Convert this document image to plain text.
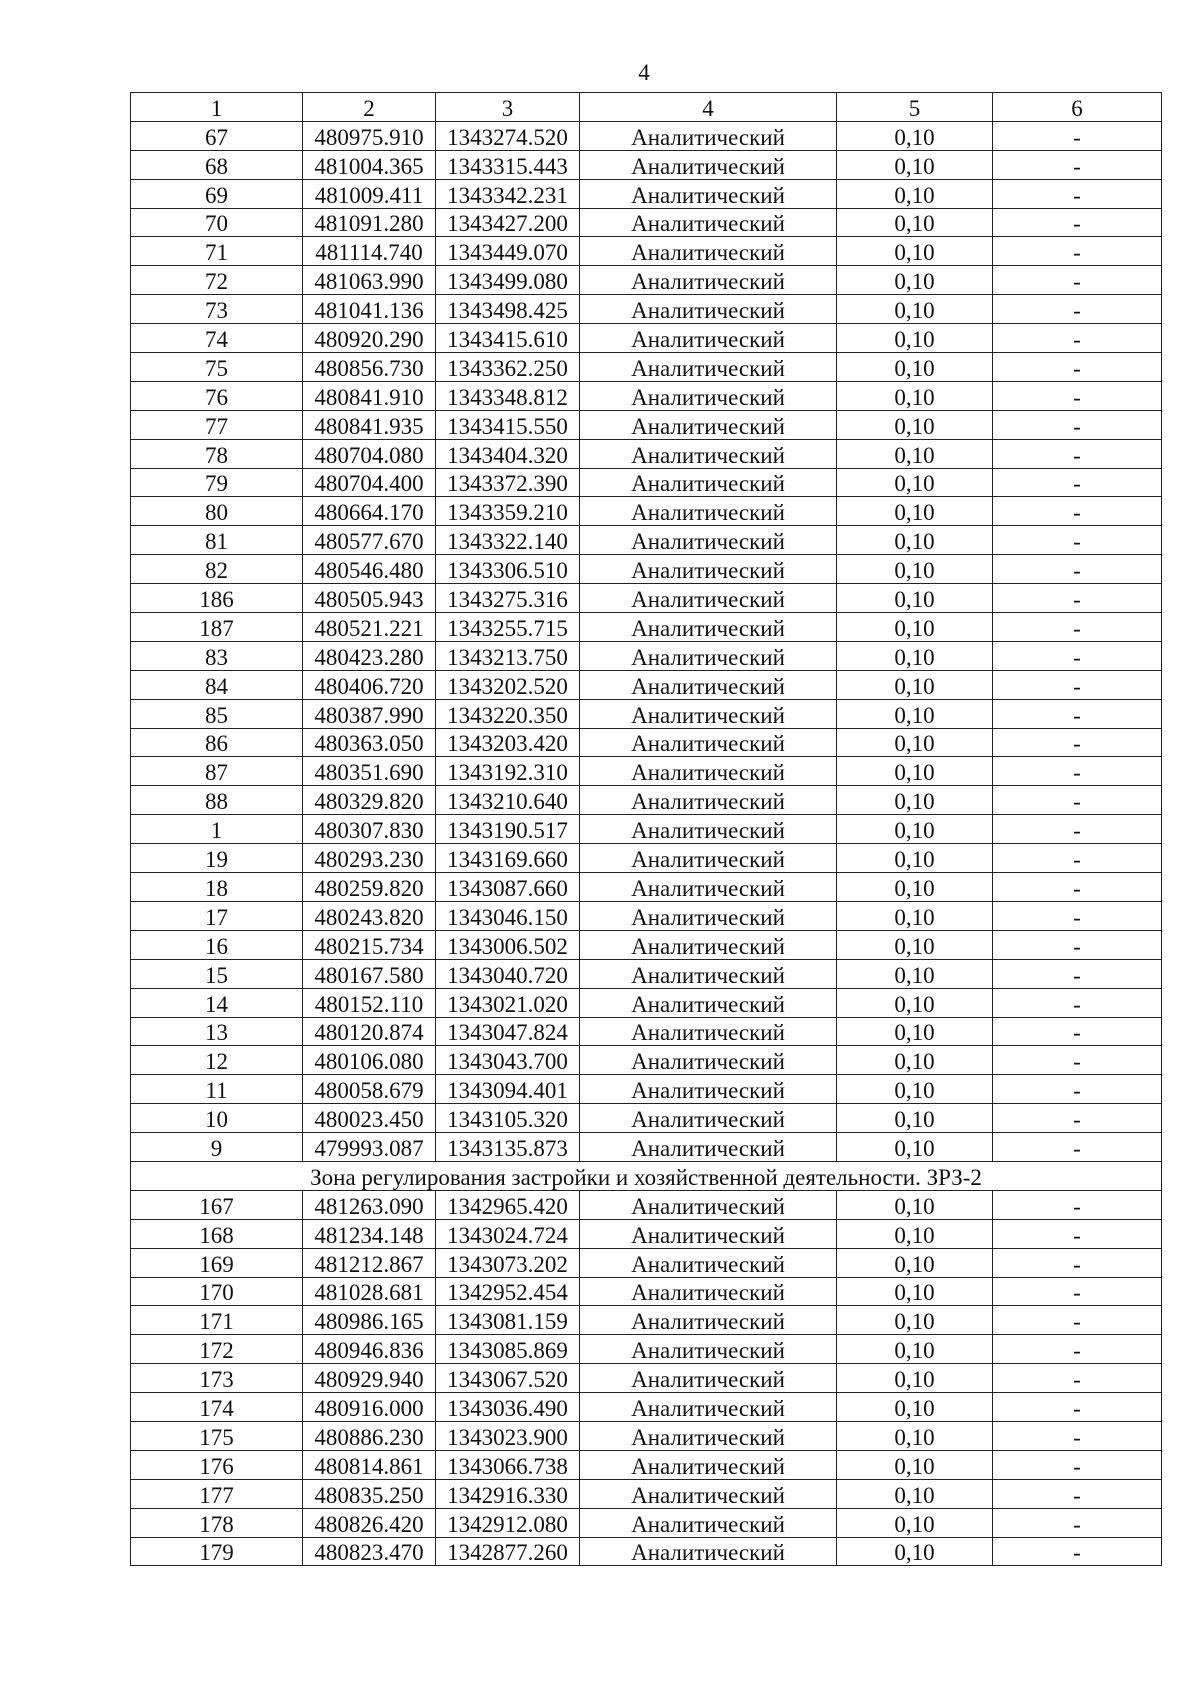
4
1	2	3	4	5	6
67	480975.910	1343274.520	Аналитический	0,10	-
68	481004.365	1343315.443	Аналитический	0,10	-
69	481009.411	1343342.231	Аналитический	0,10	-
70	481091.280	1343427.200	Аналитический	0,10	-
71	481114.740	1343449.070	Аналитический	0,10	-
72	481063.990	1343499.080	Аналитический	0,10	-
73	481041.136	1343498.425	Аналитический	0,10	-
74	480920.290	1343415.610	Аналитический	0,10	-
75	480856.730	1343362.250	Аналитический	0,10	-
76	480841.910	1343348.812	Аналитический	0,10	-
77	480841.935	1343415.550	Аналитический	0,10	-
78	480704.080	1343404.320	Аналитический	0,10	-
79	480704.400	1343372.390	Аналитический	0,10	-
80	480664.170	1343359.210	Аналитический	0,10	-
81	480577.670	1343322.140	Аналитический	0,10	-
82	480546.480	1343306.510	Аналитический	0,10	-
186	480505.943	1343275.316	Аналитический	0,10	-
187	480521.221	1343255.715	Аналитический	0,10	-
83	480423.280	1343213.750	Аналитический	0,10	-
84	480406.720	1343202.520	Аналитический	0,10	-
85	480387.990	1343220.350	Аналитический	0,10	-
86	480363.050	1343203.420	Аналитический	0,10	-
87	480351.690	1343192.310	Аналитический	0,10	-
88	480329.820	1343210.640	Аналитический	0,10	-
1	480307.830	1343190.517	Аналитический	0,10	-
19	480293.230	1343169.660	Аналитический	0,10	-
18	480259.820	1343087.660	Аналитический	0,10	-
17	480243.820	1343046.150	Аналитический	0,10	-
16	480215.734	1343006.502	Аналитический	0,10	-
15	480167.580	1343040.720	Аналитический	0,10	-
14	480152.110	1343021.020	Аналитический	0,10	-
13	480120.874	1343047.824	Аналитический	0,10	-
12	480106.080	1343043.700	Аналитический	0,10	-
11	480058.679	1343094.401	Аналитический	0,10	-
10	480023.450	1343105.320	Аналитический	0,10	-
9	479993.087	1343135.873	Аналитический	0,10	-
Зона регулирования застройки и хозяйственной деятельности. ЗРЗ-2					
167	481263.090	1342965.420	Аналитический	0,10	-
168	481234.148	1343024.724	Аналитический	0,10	-
169	481212.867	1343073.202	Аналитический	0,10	-
170	481028.681	1342952.454	Аналитический	0,10	-
171	480986.165	1343081.159	Аналитический	0,10	-
172	480946.836	1343085.869	Аналитический	0,10	-
173	480929.940	1343067.520	Аналитический	0,10	-
174	480916.000	1343036.490	Аналитический	0,10	-
175	480886.230	1343023.900	Аналитический	0,10	-
176	480814.861	1343066.738	Аналитический	0,10	-
177	480835.250	1342916.330	Аналитический	0,10	-
178	480826.420	1342912.080	Аналитический	0,10	-
179	480823.470	1342877.260	Аналитический	0,10	-
